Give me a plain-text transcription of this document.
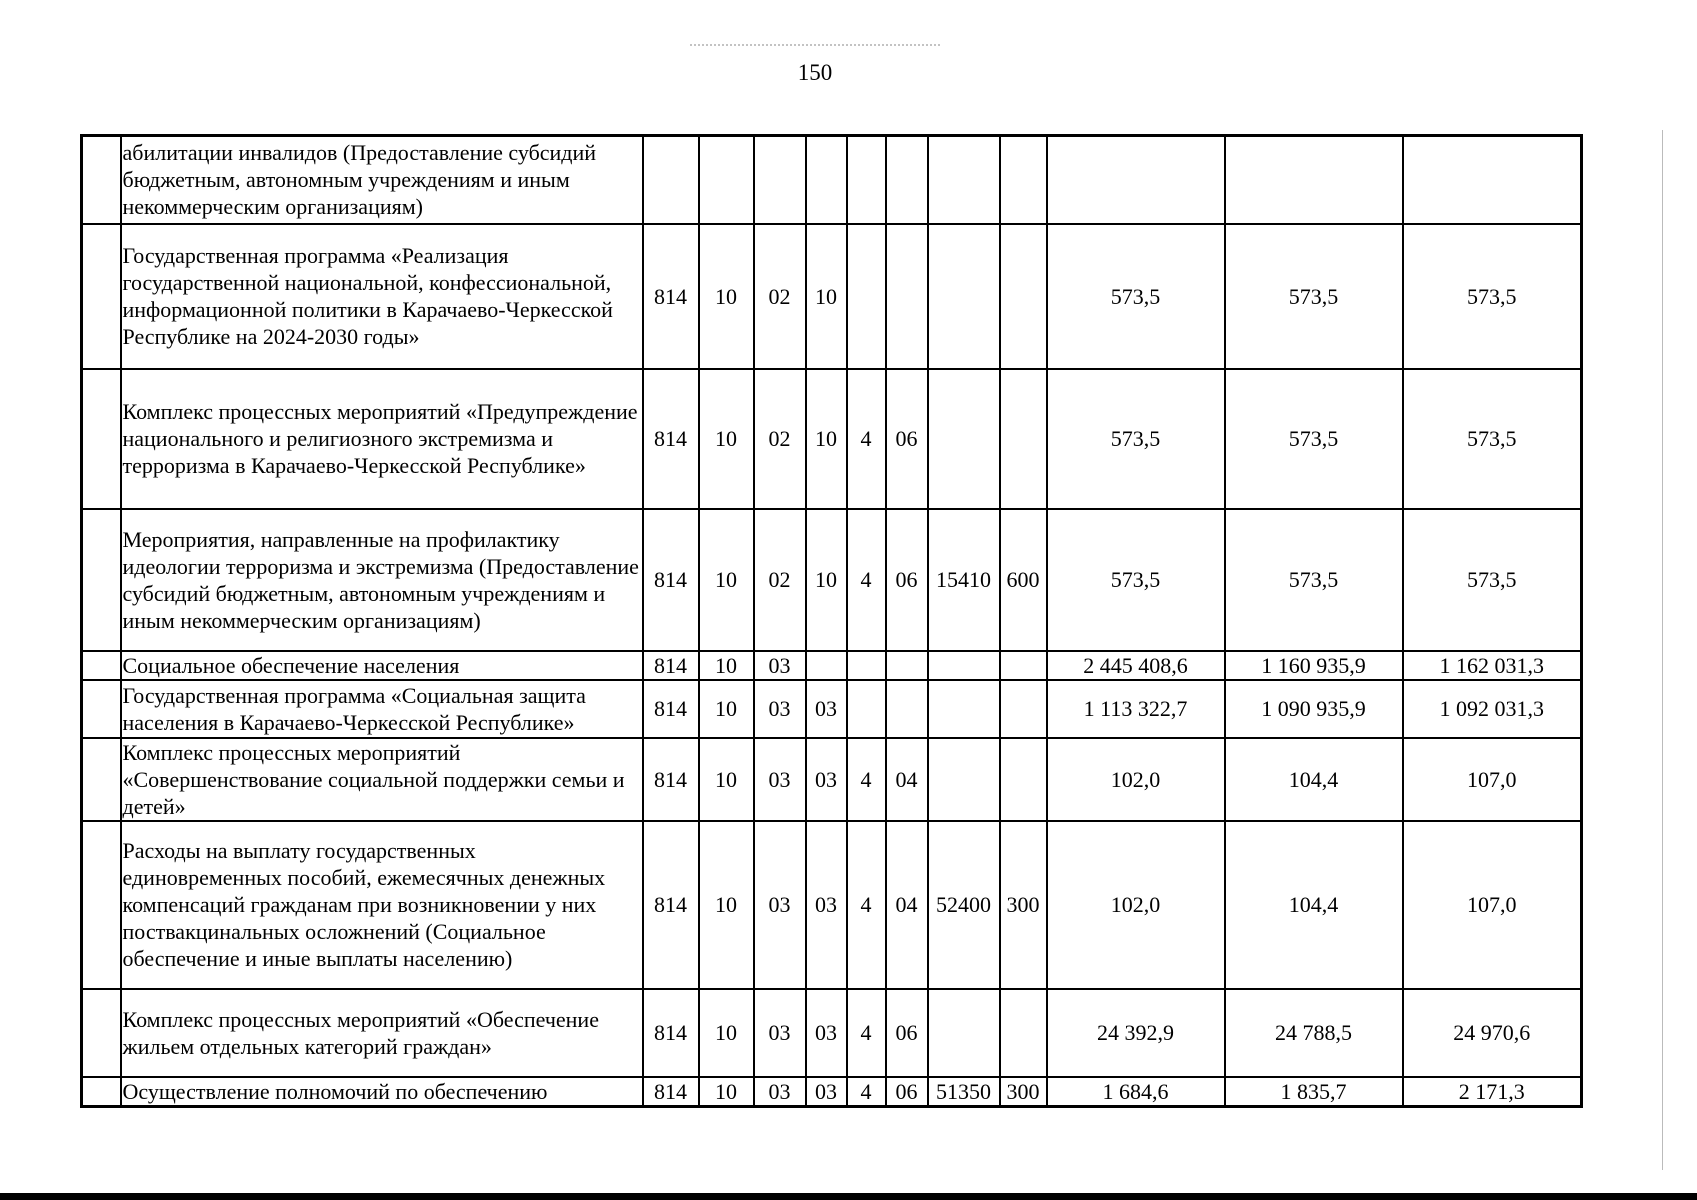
150
	абилитации инвалидов (Предоставление субсидий бюджетным, автономным учреждениям и иным некоммерческим организациям)											
	Государственная программа «Реализация государственной национальной, конфессиональной, информационной политики в Карачаево-Черкесской Республике на 2024-2030 годы»	814	10	02	10					573,5	573,5	573,5
	Комплекс процессных мероприятий «Предупреждение национального и религиозного экстремизма и терроризма в Карачаево-Черкесской Республике»	814	10	02	10	4	06			573,5	573,5	573,5
	Мероприятия, направленные на профилактику идеологии терроризма и экстремизма (Предоставление субсидий бюджетным, автономным учреждениям и иным некоммерческим организациям)	814	10	02	10	4	06	15410	600	573,5	573,5	573,5
	Социальное обеспечение населения	814	10	03						2 445 408,6	1 160 935,9	1 162 031,3
	Государственная программа «Социальная защита населения в Карачаево-Черкесской Республике»	814	10	03	03					1 113 322,7	1 090 935,9	1 092 031,3
	Комплекс процессных мероприятий «Совершенствование социальной поддержки семьи и детей»	814	10	03	03	4	04			102,0	104,4	107,0
	Расходы на выплату государственных единовременных пособий, ежемесячных денежных компенсаций гражданам при возникновении у них поствакцинальных осложнений (Социальное обеспечение и иные выплаты населению)	814	10	03	03	4	04	52400	300	102,0	104,4	107,0
	Комплекс процессных мероприятий «Обеспечение жильем отдельных категорий граждан»	814	10	03	03	4	06			24 392,9	24 788,5	24 970,6
	Осуществление полномочий по обеспечению	814	10	03	03	4	06	51350	300	1 684,6	1 835,7	2 171,3
